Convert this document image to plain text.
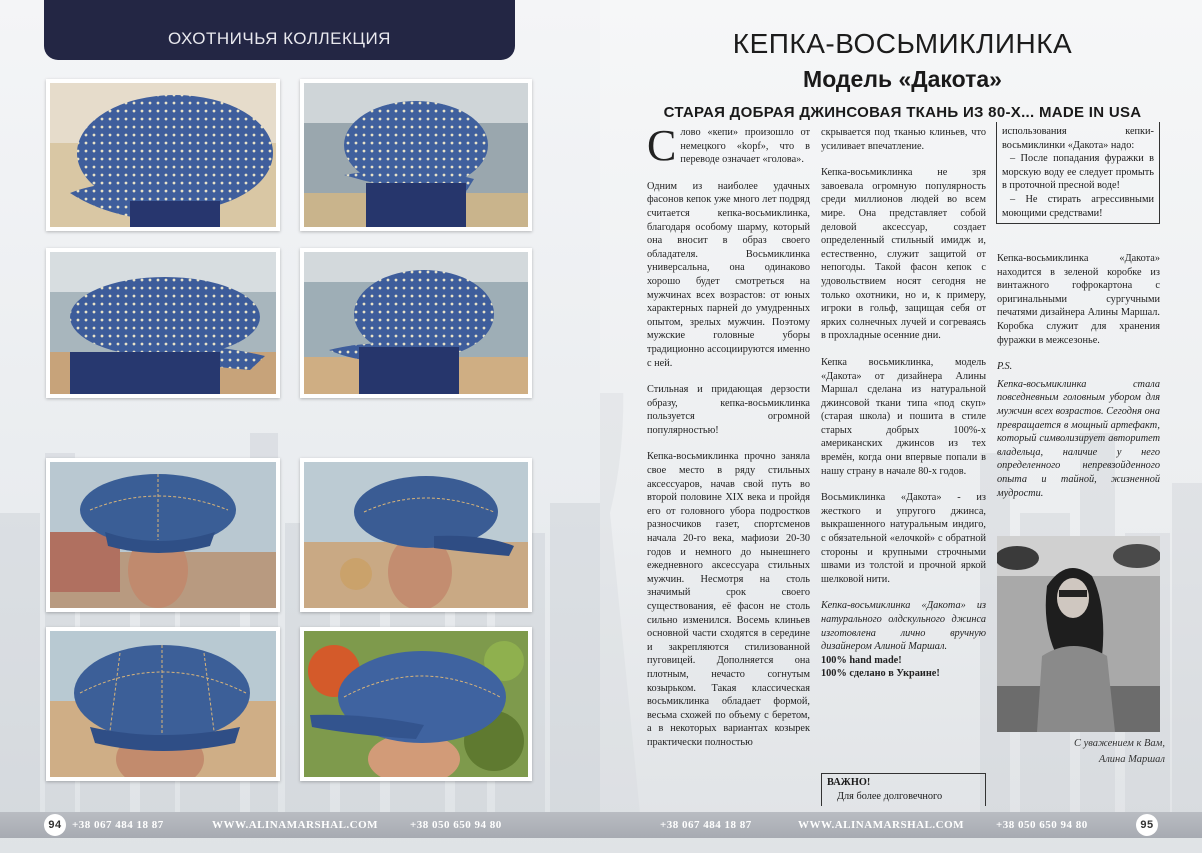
ОХОТНИЧЬЯ КОЛЛЕКЦИЯ	КЕПКА-ВОСЬМИКЛИНКА
Модель «Дакота»
СТАРАЯ ДОБРАЯ ДЖИНСОВАЯ ТКАНЬ ИЗ 80-Х... MADE IN USA

Слово «кепи» произошло от немецкого «kopf», что в переводе означает «голова».

Одним из наиболее удачных фасонов кепок уже много лет подряд считается кепка-восьмиклинка, благодаря особому шарму, который она вносит в образ своего обладателя. Восьмиклинка универсальна, она одинаково хорошо будет смотреться на мужчинах всех возрастов: от юных характерных парней до умудренных опытом, зрелых мужчин. Поэтому мужские головные уборы традиционно ассоциируются именно с ней.

Стильная и придающая дерзости образу, кепка-восьмиклинка пользуется огромной популярностью!

Кепка-восьмиклинка прочно заняла свое место в ряду стильных аксессуаров, начав свой путь во второй половине XIX века и пройдя его от головного убора подростков разносчиков газет, спортсменов начала 20-го века, мафиози 20-30 годов и немного до нынешнего ежедневного аксессуара стильных мужчин. Несмотря на столь значимый срок своего существования, её фасон не столь сильно изменился. Восемь клиньев основной части сходятся в середине и закрепляются стилизованной пуговицей. Дополняется она плотным, нечасто согнутым козырьком. Такая классическая восьмиклинка обладает формой, весьма схожей по объему с беретом, а в некоторых вариантах козырек практически полностью

скрывается под тканью клиньев, что усиливает впечатление.

Кепка-восьмиклинка не зря завоевала огромную популярность среди миллионов людей во всем мире. Она представляет собой деловой аксессуар, создает определенный стильный имидж и, естественно, служит защитой от непогоды. Такой фасон кепок с удовольствием носят сегодня не только охотники, но и, к примеру, игроки в гольф, защищая себя от ярких солнечных лучей и согреваясь в прохладные осенние дни.

Кепка восьмиклинка, модель «Дакота» от дизайнера Алины Маршал сделана из натуральной джинсовой ткани типа «под скуп» (старая школа) и пошита в стиле старых добрых 100%-х американских джинсов из тех времён, когда они впервые попали в нашу страну в начале 80-х годов.

Восьмиклинка «Дакота» - из жесткого и упругого джинса, выкрашенного натуральным индиго, с обязательной «елочкой» с обратной стороны и крупными строчными швами из толстой и прочной яркой шелковой нити.

Кепка-восьмиклинка «Дакота» из натурального олдскульного джинса изготовлена лично вручную дизайнером Алиной Маршал.

100% hand made!

100% сделано в Украине!

ВАЖНО!
Для более долговечного
использования кепки-восьмиклинки «Дакота» надо:
– После попадания фуражки в морскую воду ее следует промыть в проточной пресной воде!
– Не стирать агрессивными моющими средствами!

Кепка-восьмиклинка «Дакота» находится в зеленой коробке из винтажного гофрокартона с оригинальными сургучными печатями дизайнера Алины Маршал. Коробка служит для хранения фуражки в межсезонье.

P.S.

Кепка-восьмиклинка стала повседневным головным убором для мужчин всех возрастов. Сегодня она превращается в мощный артефакт, который символизирует авторитет владельца, наличие у него определенного непревзойденного опыта и тайной, жизненной мудрости.

С уважением к Вам,
Алина Маршал
94 +38 067 484 18 87	WWW.ALINAMARSHAL.COM	+38 050 650 94 80	+38 067 484 18 87	WWW.ALINAMARSHAL.COM	+38 050 650 94 80	95
